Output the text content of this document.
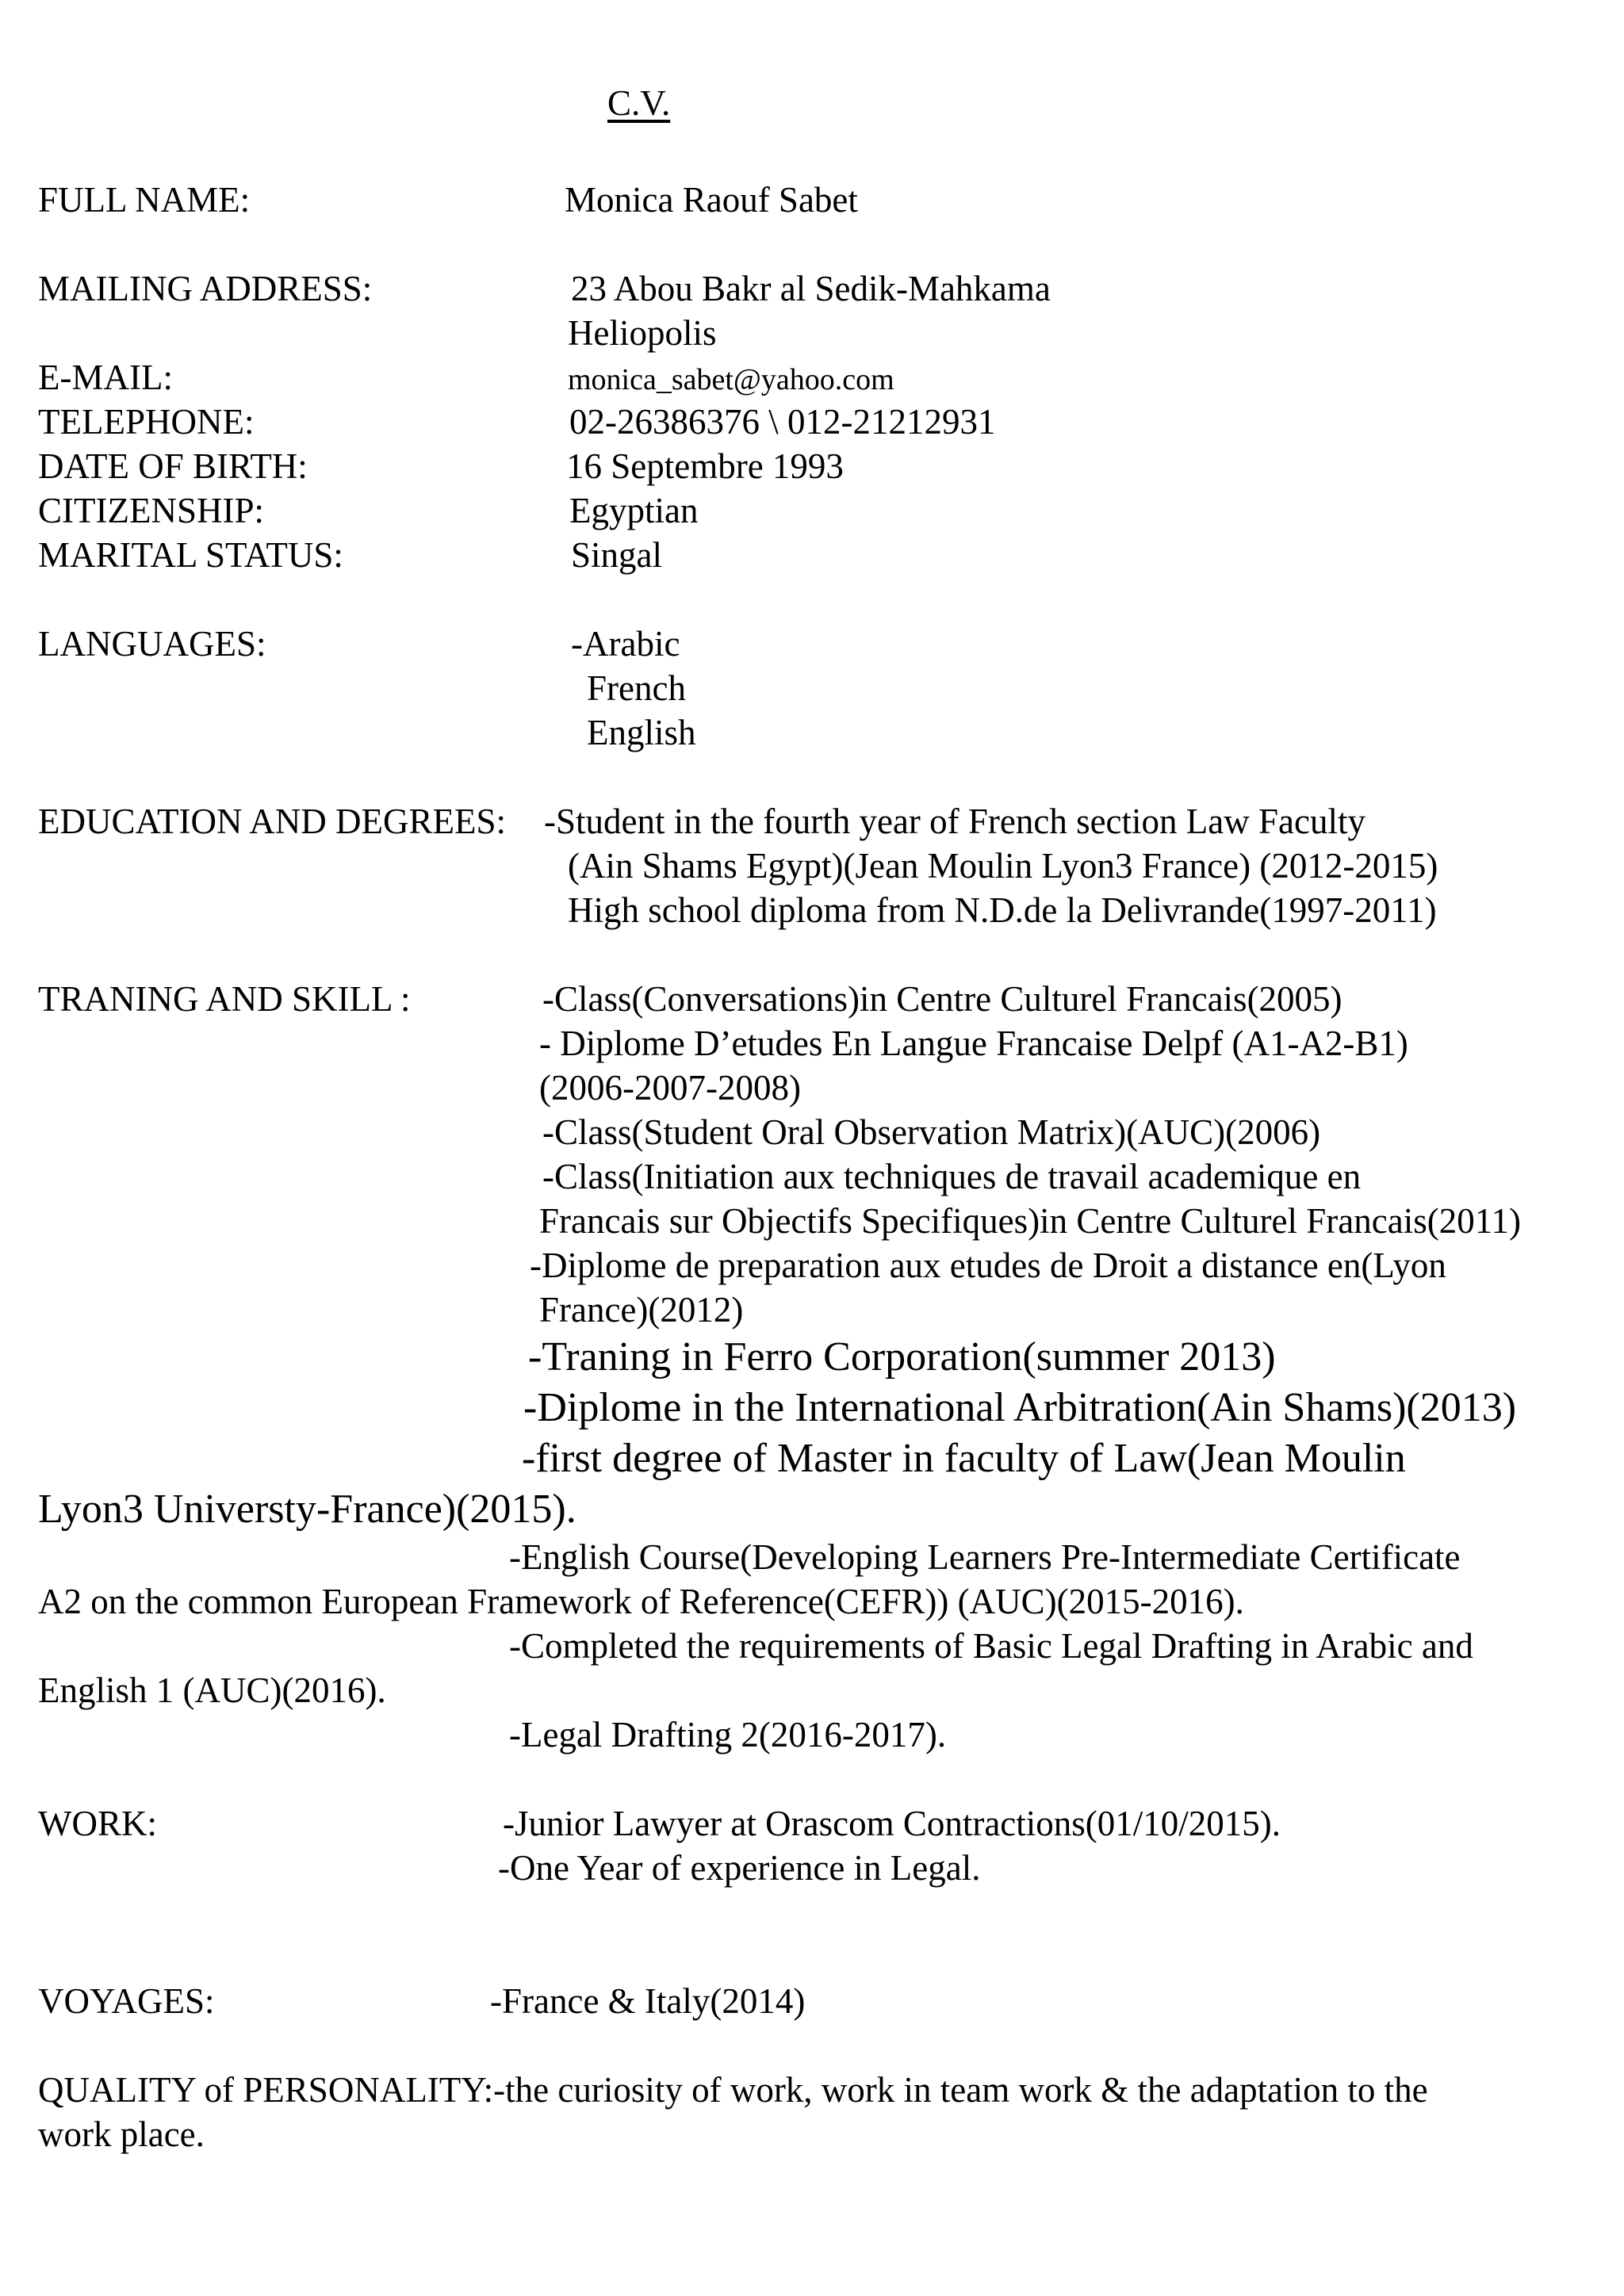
C.V.
FULL NAME:	Monica Raouf Sabet
MAILING ADDRESS:	23 Abou Bakr al Sedik-Mahkama
Heliopolis
E-MAIL:	monica_sabet@yahoo.com
TELEPHONE:	02-26386376 \ 012-21212931
DATE OF BIRTH:	16 Septembre 1993
CITIZENSHIP:	Egyptian
MARITAL STATUS:	Singal
LANGUAGES:	-Arabic
French
English
EDUCATION AND DEGREES: -Student in the fourth year of French section Law Faculty
(Ain Shams Egypt)(Jean Moulin Lyon3 France) (2012-2015)
High school diploma from N.D.de la Delivrande(1997-2011)
TRANING AND SKILL :	-Class(Conversations)in Centre Culturel Francais(2005)
- Diplome D’etudes En Langue Francaise Delpf (A1-A2-B1)
(2006-2007-2008)
-Class(Student Oral Observation Matrix)(AUC)(2006)
-Class(Initiation aux techniques de travail academique en
Francais sur Objectifs Specifiques)in Centre Culturel Francais(2011)
-Diplome de preparation aux etudes de Droit a distance en(Lyon
France)(2012)
-Traning in Ferro Corporation(summer 2013)
-Diplome in the International Arbitration(Ain Shams)(2013)
-first degree of Master in faculty of Law(Jean Moulin
Lyon3 Universty-France)(2015).
-English Course(Developing Learners Pre-Intermediate Certificate
A2 on the common European Framework of Reference(CEFR)) (AUC)(2015-2016).
-Completed the requirements of Basic Legal Drafting in Arabic and
English 1 (AUC)(2016).
-Legal Drafting 2(2016-2017).
WORK:	-Junior Lawyer at Orascom Contractions(01/10/2015).
-One Year of experience in Legal.
VOYAGES:	-France & Italy(2014)
QUALITY of PERSONALITY:-the curiosity of work, work in team work & the adaptation to the
work place.
